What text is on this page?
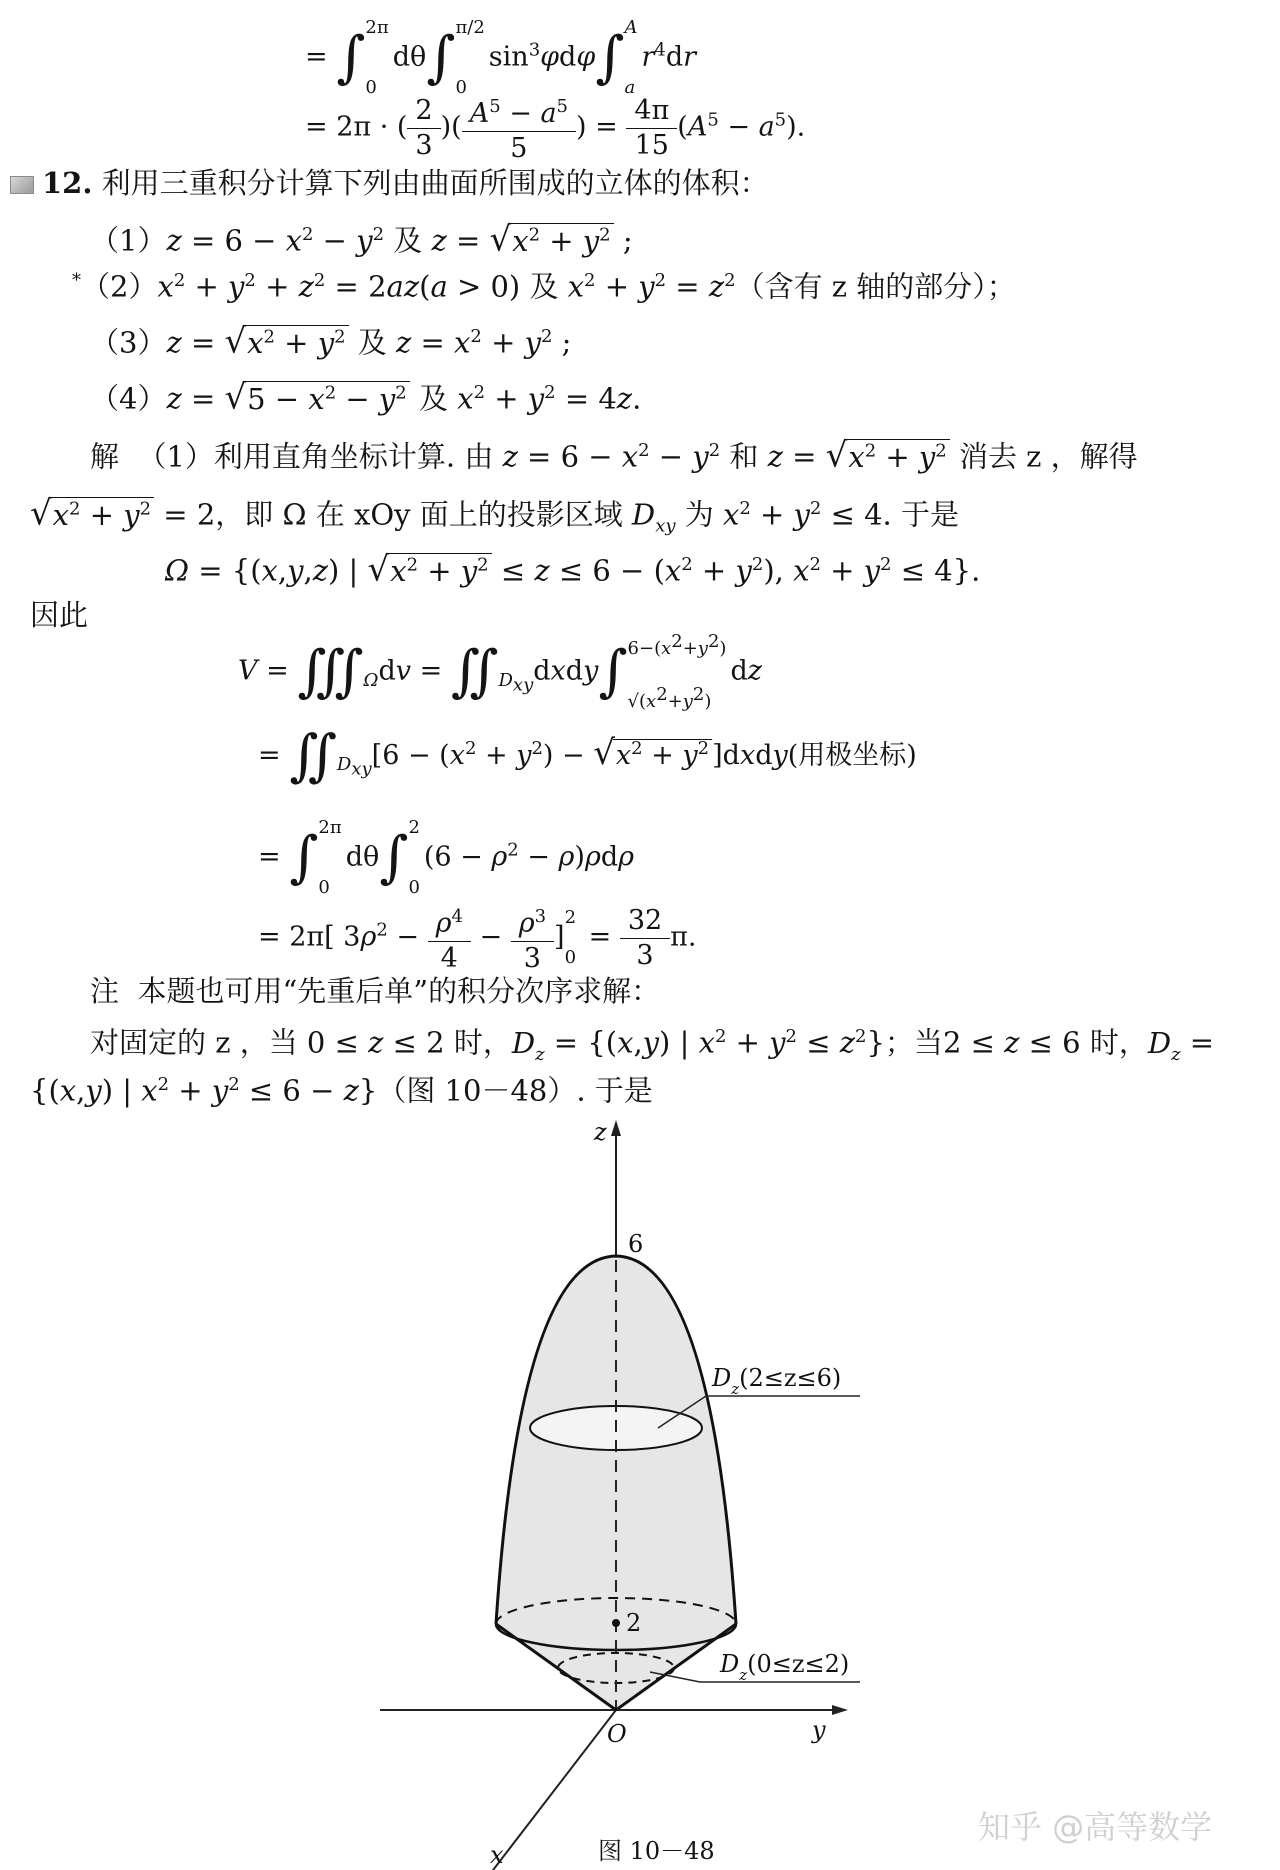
= ∫ 2π
0
dθ∫ π/2
0
$\sin^3\varphi d\varphi\int$ A
a
$r^4dr$
= 2π · ( $\frac{2}{3}$ )( $\frac{A^5 - a^5}{5}$ ) = $\frac{4\pi}{15} (A^5 - a^5)$.
12. 利用三重积分计算下列由曲面所围成的立体的体积：
$(1)z = 6 - x^2 - y^2$ 及 $z = √x^2 + y^2$ ;
$^*(2)x^2 + y^2 + z^2 = 2az(a > 0)$ 及 $x^2 + y^2 = z^2$（含有 z 轴的部分）；
$(3)z = √x^2 + y^2$ 及 $z = x^2 + y^2$ ;
$(4)z = √5 - x^2 - y^2$ 及 $x^2 + y^2 = 4z$.
解 （1）利用直角坐标计算. 由 $z = 6 - x^2 - y^2$ 和 $z = √x^2 + y^2$ 消去 z ，解得
$√x^2 + y^2 = 2$，即 Ω 在 xOy 面上的投影区域 $D_{xy}$ 为 $x^2 + y^2 \le 4$. 于是
Ω = {(x,y,z) | $√x^2 + y^2 \le z \le 6 - (x^2 + y^2)$, $x^2 + y^2 \le 4$}.
因此
$V = ∭_\Omega dv$ = $∬_{D_{xy}}dxdy\int$ $6-(x^2+y^2)$
$√(x^2+y^2)$
dz
= $∬_{D_{xy}}[6 - (x^2 + y^2) - √x^2 + y^2$ ]dxdy(用极坐标)
= ∫ 2π
0
dθ∫ 2
0
$(6 - \rho^2 - \rho)\rho d\rho$
= 2π[ $3\rho^2 - \frac{\rho^4}{4} - \frac{\rho^3}{3}$ ]
2
0
= $\frac{32}{3} \pi$.
注 本题也可用“先重后单”的积分次序求解：
对固定的 z ，当 0 ≤ z ≤ 2 时，$D_z = \{(x,y)$ | $x^2 + y^2 \le z^2$}；当2 ≤ z ≤ 6 时，$D_z$ =
{(x,y) | $x^2 + y^2 \le 6 - z$}（图 10－48）. 于是
z
6
2
O	y
x
$D_z(2\le z\le 6)$
$D_z(0\le z\le 2)$
图 10－48
知乎 @高等数学
